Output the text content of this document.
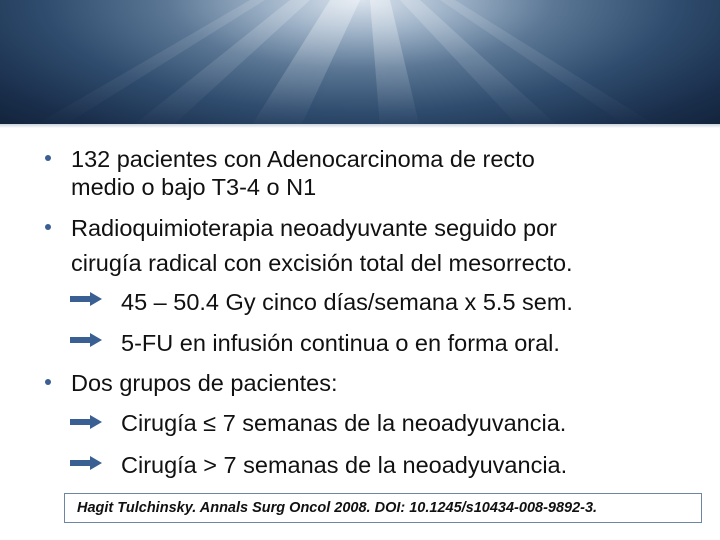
132 pacientes con Adenocarcinoma de recto
medio o bajo T3-4 o N1
Radioquimioterapia neoadyuvante seguido por
cirugía radical con excisión total del mesorrecto.
45 – 50.4 Gy cinco días/semana x 5.5 sem.
5-FU en infusión continua o en forma oral.
Dos grupos de pacientes:
Cirugía ≤ 7 semanas de la neoadyuvancia.
Cirugía > 7 semanas de la neoadyuvancia.
Hagit Tulchinsky. Annals Surg Oncol 2008. DOI: 10.1245/s10434-008-9892-3.
